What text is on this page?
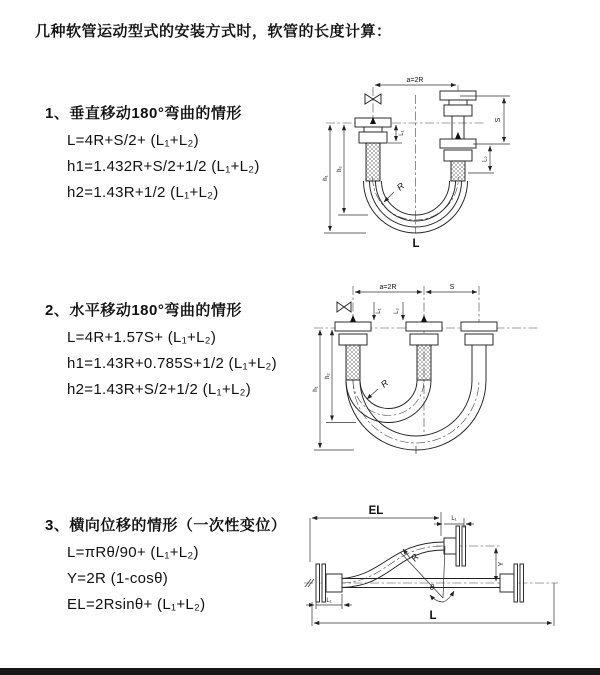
几种软管运动型式的安装方式时，软管的长度计算：
1、垂直移动180°弯曲的情形
L=4R+S/2+ (L₁+L₂)
h1=1.432R+S/2+1/2 (L₁+L₂)
h2=1.43R+1/2 (L₁+L₂)
2、水平移动180°弯曲的情形
L=4R+1.57S+ (L₁+L₂)
h1=1.43R+0.785S+1/2 (L₁+L₂)
h2=1.43R+S/2+1/2 (L₁+L₂)
3、横向位移的情形（一次性变位）
L=πRθ/90+ (L₁+L₂)
Y=2R (1-cosθ)
EL=2Rsinθ+ (L₁+L₂)
a=2R
S
L₂
L₁
h₁
h₂
R
L
a=2R	S
L₁ L₂
h₁
h₂
R
θ
EL
L₁
Y
R
L
L₁
